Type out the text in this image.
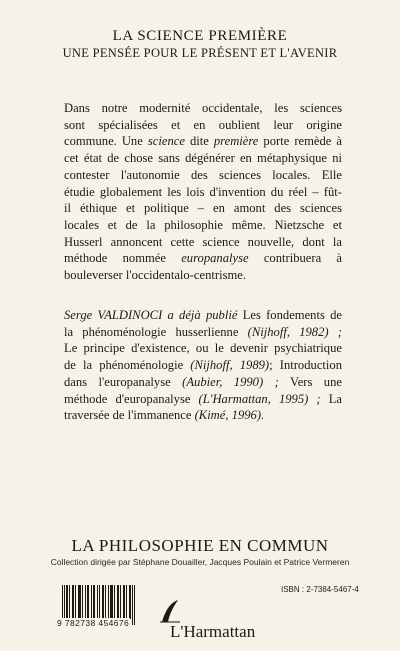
LA SCIENCE PREMIÈRE
UNE PENSÉE POUR LE PRÉSENT ET L'AVENIR
Dans notre modernité occidentale, les sciences
sont spécialisées et en oublient leur origine
commune. Une science dite première porte remède à
cet état de chose sans dégénérer en métaphysique ni
contester l'autonomie des sciences locales. Elle
étudie globalement les lois d'invention du réel – fût-
il éthique et politique – en amont des sciences
locales et de la philosophie même. Nietzsche et
Husserl annoncent cette science nouvelle, dont la
méthode nommée europanalyse contribuera à
bouleverser l'occidentalo-centrisme.
Serge VALDINOCI a déjà publié Les fondements de
la phénoménologie husserlienne (Nijhoff, 1982) ;
Le principe d'existence, ou le devenir psychiatrique
de la phénoménologie (Nijhoff, 1989); Introduction
dans l'europanalyse (Aubier, 1990) ; Vers une
méthode d'europanalyse (L'Harmattan, 1995) ; La
traversée de l'immanence (Kimé, 1996).
LA PHILOSOPHIE EN COMMUN
Collection dirigée par Stéphane Douailler, Jacques Poulain et Patrice Vermeren
9 782738 454676 L'Harmattan
ISBN : 2-7384-5467-4
